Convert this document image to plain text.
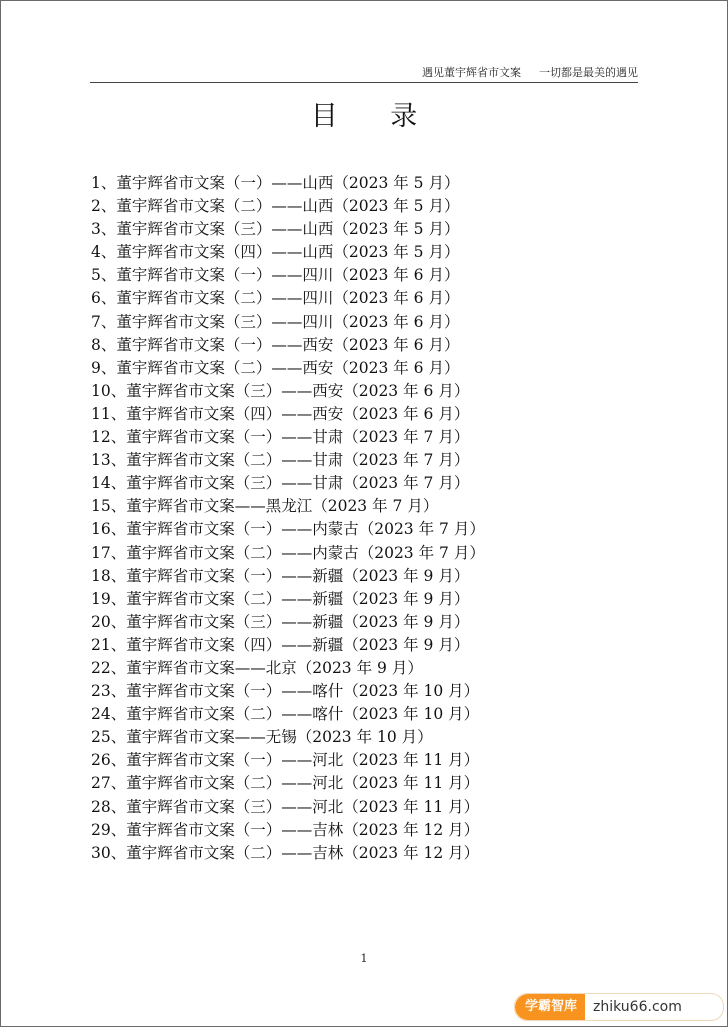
遇见董宇辉省市文案 一切都是最美的遇见
目 录
1、董宇辉省市文案（一）——山西（2023 年 5 月）
2、董宇辉省市文案（二）——山西（2023 年 5 月）
3、董宇辉省市文案（三）——山西（2023 年 5 月）
4、董宇辉省市文案（四）——山西（2023 年 5 月）
5、董宇辉省市文案（一）——四川（2023 年 6 月）
6、董宇辉省市文案（二）——四川（2023 年 6 月）
7、董宇辉省市文案（三）——四川（2023 年 6 月）
8、董宇辉省市文案（一）——西安（2023 年 6 月）
9、董宇辉省市文案（二）——西安（2023 年 6 月）
10、董宇辉省市文案（三）——西安（2023 年 6 月）
11、董宇辉省市文案（四）——西安（2023 年 6 月）
12、董宇辉省市文案（一）——甘肃（2023 年 7 月）
13、董宇辉省市文案（二）——甘肃（2023 年 7 月）
14、董宇辉省市文案（三）——甘肃（2023 年 7 月）
15、董宇辉省市文案——黑龙江（2023 年 7 月）
16、董宇辉省市文案（一）——内蒙古（2023 年 7 月）
17、董宇辉省市文案（二）——内蒙古（2023 年 7 月）
18、董宇辉省市文案（一）——新疆（2023 年 9 月）
19、董宇辉省市文案（二）——新疆（2023 年 9 月）
20、董宇辉省市文案（三）——新疆（2023 年 9 月）
21、董宇辉省市文案（四）——新疆（2023 年 9 月）
22、董宇辉省市文案——北京（2023 年 9 月）
23、董宇辉省市文案（一）——喀什（2023 年 10 月）
24、董宇辉省市文案（二）——喀什（2023 年 10 月）
25、董宇辉省市文案——无锡（2023 年 10 月）
26、董宇辉省市文案（一）——河北（2023 年 11 月）
27、董宇辉省市文案（二）——河北（2023 年 11 月）
28、董宇辉省市文案（三）——河北（2023 年 11 月）
29、董宇辉省市文案（一）——吉林（2023 年 12 月）
30、董宇辉省市文案（二）——吉林（2023 年 12 月）
1
学霸智库	zhiku66.com
